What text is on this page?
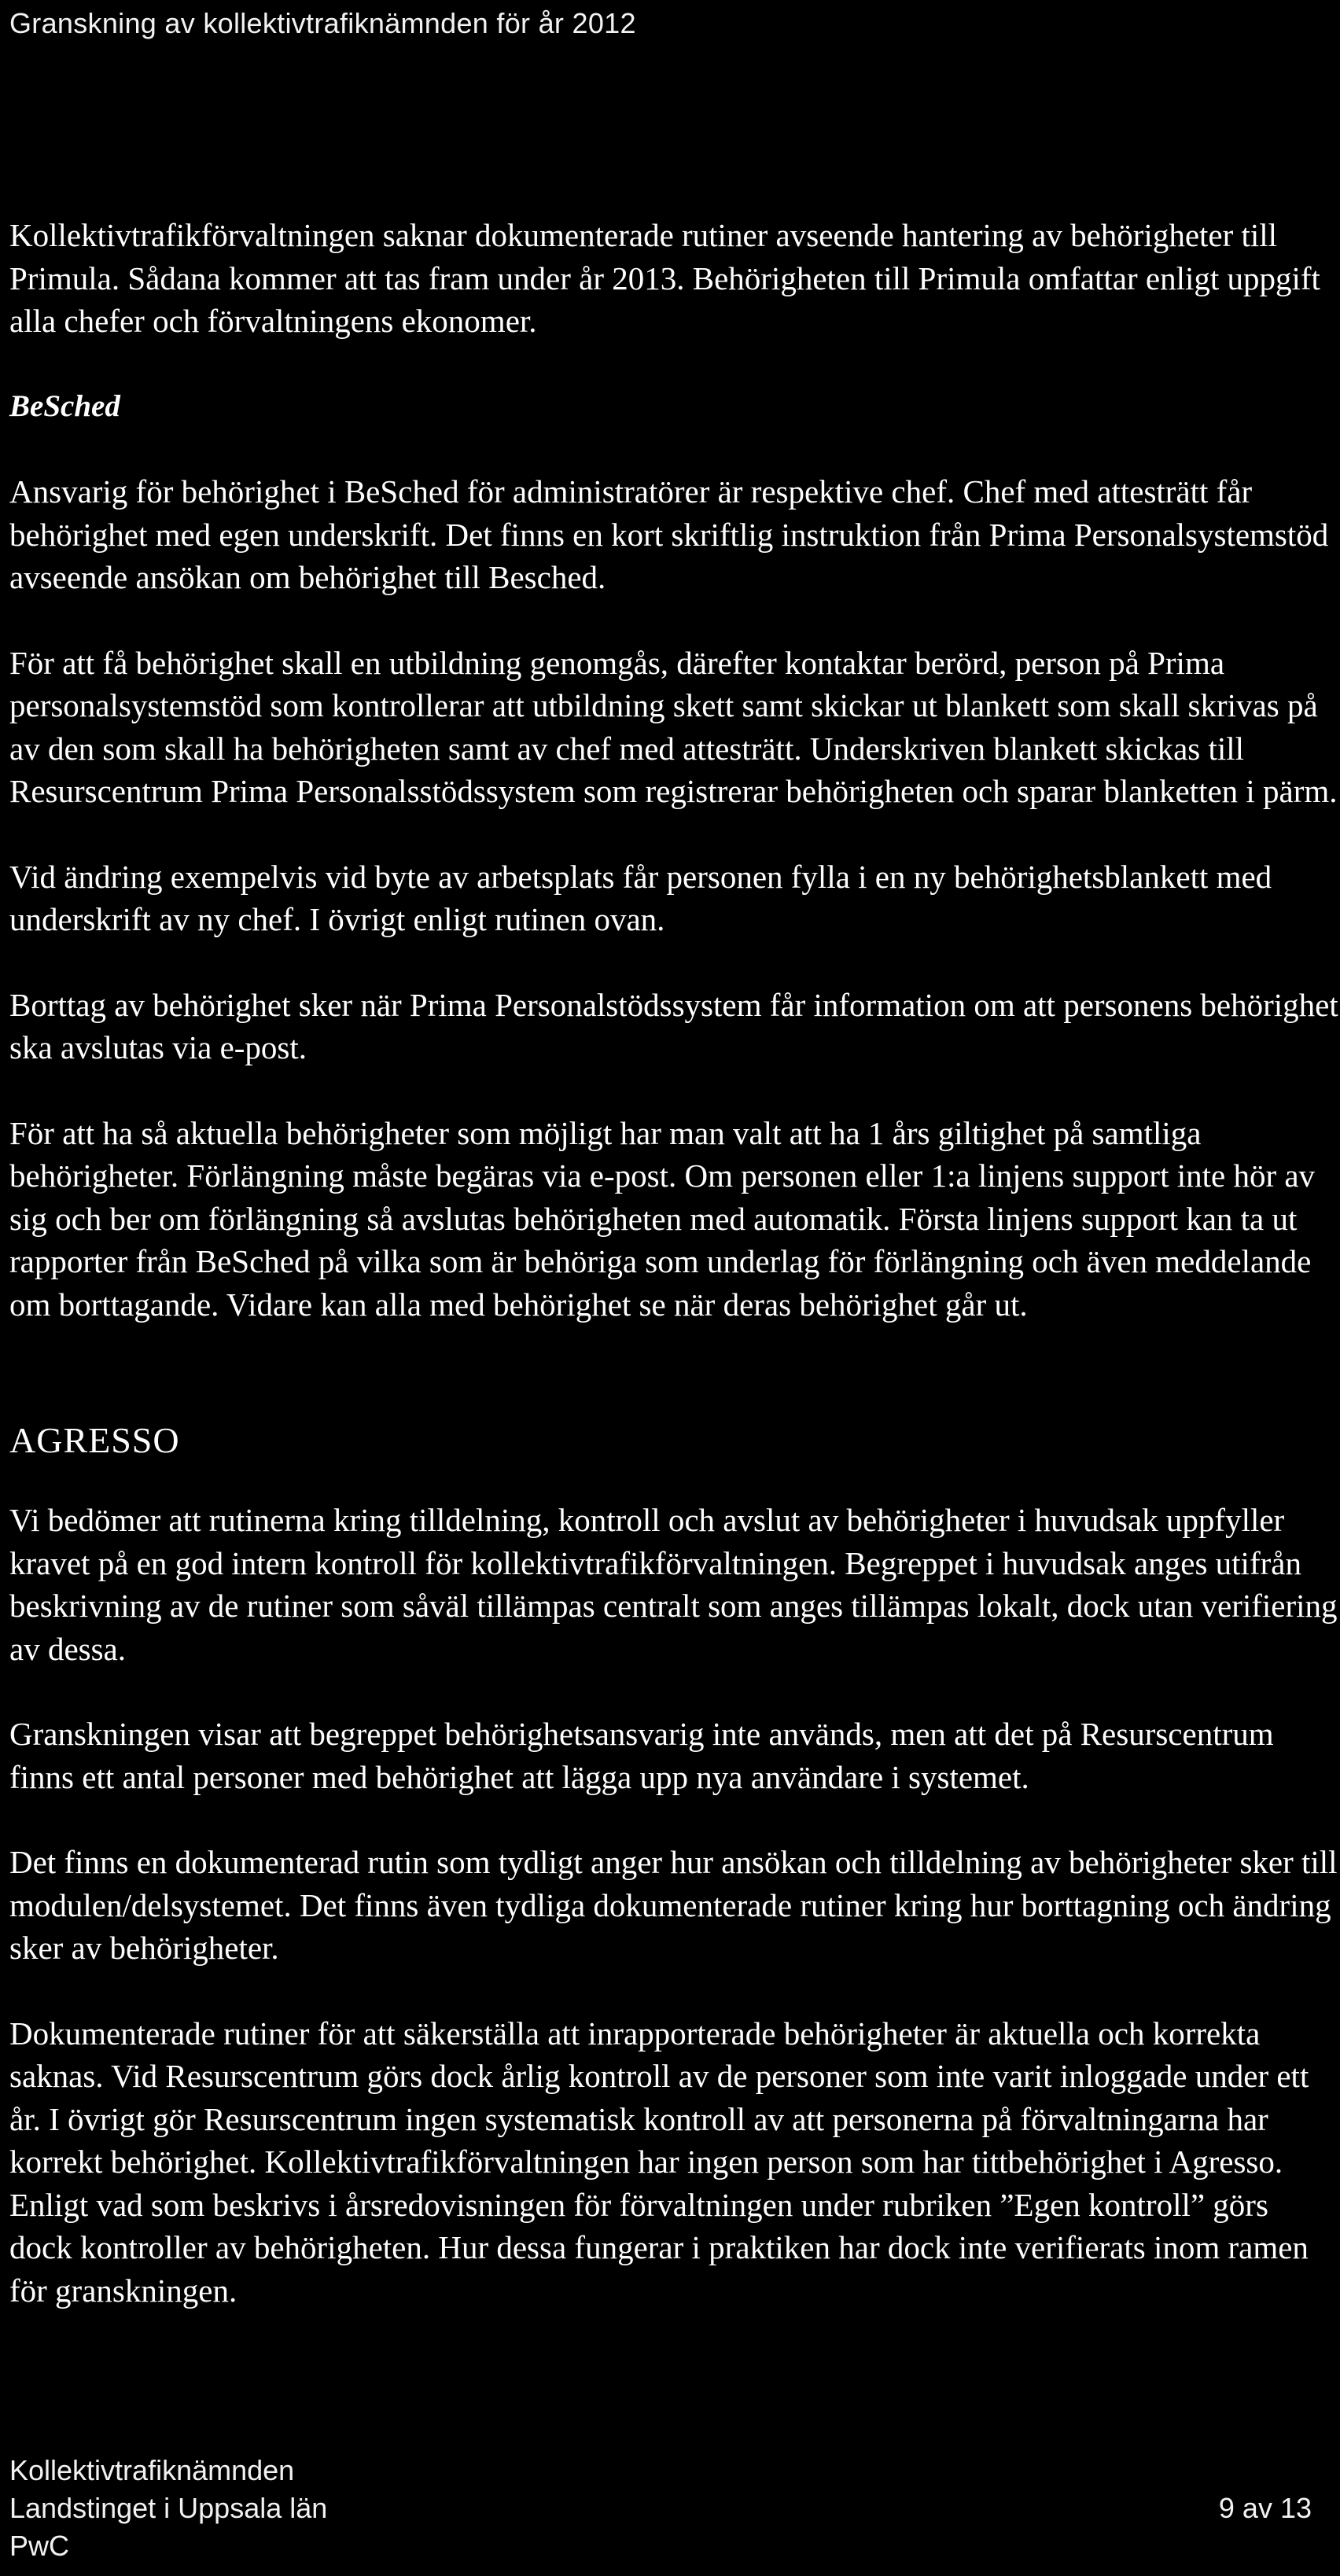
Granskning av kollektivtrafiknämnden för år 2012

Kollektivtrafikförvaltningen saknar dokumenterade rutiner avseende hantering av behörigheter till Primula. Sådana kommer att tas fram under år 2013. Behörigheten till Primula omfattar enligt uppgift alla chefer och förvaltningens ekonomer.

BeSched

Ansvarig för behörighet i BeSched för administratörer är respektive chef. Chef med attesträtt får behörighet med egen underskrift. Det finns en kort skriftlig instruktion från Prima Personalsystemstöd avseende ansökan om behörighet till Besched.

För att få behörighet skall en utbildning genomgås, därefter kontaktar berörd, person på Prima personalsystemstöd som kontrollerar att utbildning skett samt skickar ut blankett som skall skrivas på av den som skall ha behörigheten samt av chef med attesträtt. Underskriven blankett skickas till Resurscentrum Prima Personalsstödssystem som registrerar behörigheten och sparar blanketten i pärm.

Vid ändring exempelvis vid byte av arbetsplats får personen fylla i en ny behörighetsblankett med underskrift av ny chef. I övrigt enligt rutinen ovan.

Borttag av behörighet sker när Prima Personalstödssystem får information om att personens behörighet ska avslutas via e-post.

För att ha så aktuella behörigheter som möjligt har man valt att ha 1 års giltighet på samtliga behörigheter. Förlängning måste begäras via e-post. Om personen eller 1:a linjens support inte hör av sig och ber om förlängning så avslutas behörigheten med automatik. Första linjens support kan ta ut rapporter från BeSched på vilka som är behöriga som underlag för förlängning och även meddelande om borttagande. Vidare kan alla med behörighet se när deras behörighet går ut.

AGRESSO

Vi bedömer att rutinerna kring tilldelning, kontroll och avslut av behörigheter i huvudsak uppfyller kravet på en god intern kontroll för kollektivtrafikförvaltningen. Begreppet i huvudsak anges utifrån beskrivning av de rutiner som såväl tillämpas centralt som anges tillämpas lokalt, dock utan verifiering av dessa.

Granskningen visar att begreppet behörighetsansvarig inte används, men att det på Resurscentrum finns ett antal personer med behörighet att lägga upp nya användare i systemet.

Det finns en dokumenterad rutin som tydligt anger hur ansökan och tilldelning av behörigheter sker till modulen/delsystemet. Det finns även tydliga dokumenterade rutiner kring hur borttagning och ändring sker av behörigheter.

Dokumenterade rutiner för att säkerställa att inrapporterade behörigheter är aktuella och korrekta saknas. Vid Resurscentrum görs dock årlig kontroll av de personer som inte varit inloggade under ett år. I övrigt gör Resurscentrum ingen systematisk kontroll av att personerna på förvaltningarna har korrekt behörighet. Kollektivtrafikförvaltningen har ingen person som har tittbehörighet i Agresso. Enligt vad som beskrivs i årsredovisningen för förvaltningen under rubriken ”Egen kontroll” görs dock kontroller av behörigheten. Hur dessa fungerar i praktiken har dock inte verifierats inom ramen för granskningen.

Kollektivtrafiknämnden
Landstinget i Uppsala län
PwC
9 av 13
